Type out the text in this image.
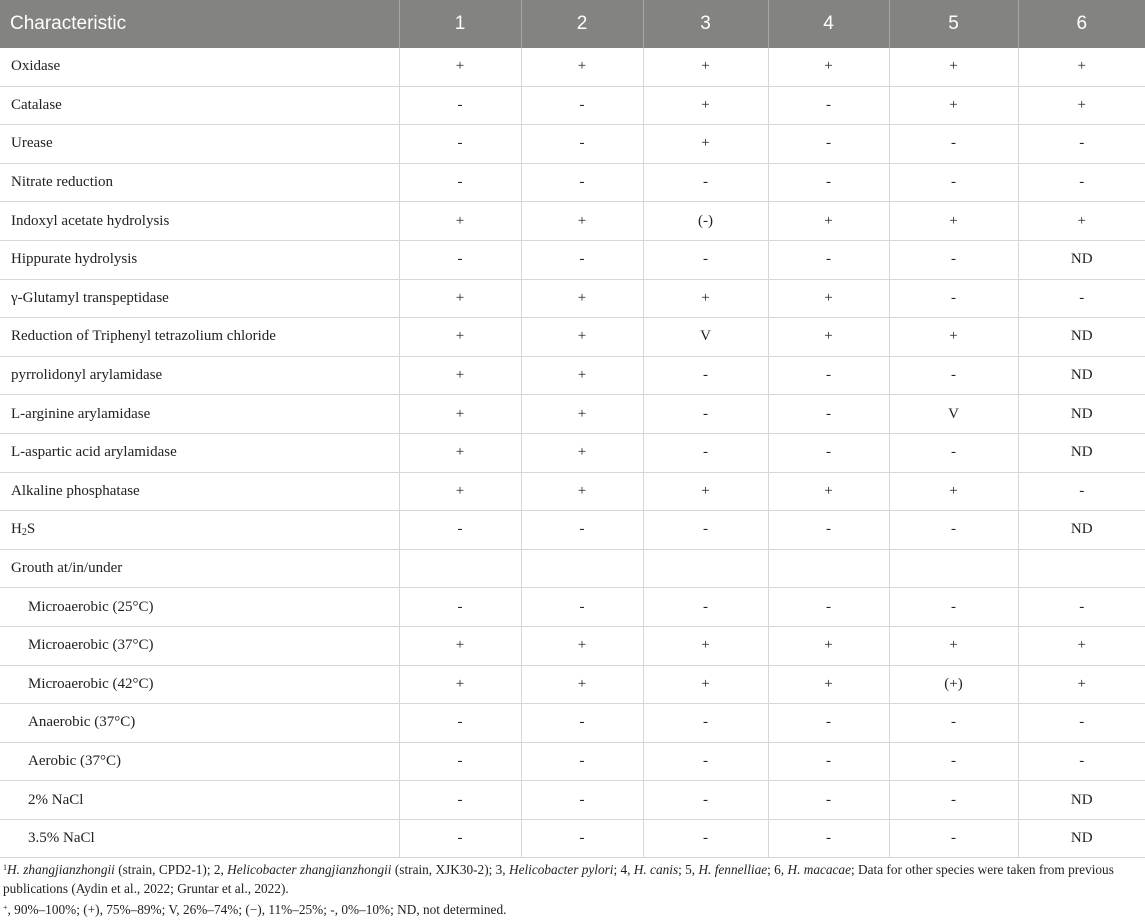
Characteristic	1	2	3	4	5	6
Oxidase	+	+	+	+	+	+
Catalase	-	-	+	-	+	+
Urease	-	-	+	-	-	-
Nitrate reduction	-	-	-	-	-	-
Indoxyl acetate hydrolysis	+	+	(-)	+	+	+
Hippurate hydrolysis	-	-	-	-	-	ND
γ-Glutamyl transpeptidase	+	+	+	+	-	-
Reduction of Triphenyl tetrazolium chloride	+	+	V	+	+	ND
pyrrolidonyl arylamidase	+	+	-	-	-	ND
L-arginine arylamidase	+	+	-	-	V	ND
L-aspartic acid arylamidase	+	+	-	-	-	ND
Alkaline phosphatase	+	+	+	+	+	-
$H_2S$	-	-	-	-	-	ND
Grouth at/in/under						
Microaerobic (25°C)	-	-	-	-	-	-
Microaerobic (37°C)	+	+	+	+	+	+
Microaerobic (42°C)	+	+	+	+	(+)	+
Anaerobic (37°C)	-	-	-	-	-	-
Aerobic (37°C)	-	-	-	-	-	-
2% NaCl	-	-	-	-	-	ND
3.5% NaCl	-	-	-	-	-	ND

$^1$H. zhangjianzhongii (strain, CPD2-1); 2, Helicobacter zhangjianzhongii (strain, XJK30-2); 3, Helicobacter pylori; 4, H. canis; 5, H. fennelliae; 6, H. macacae; Data for other species were taken from previous publications (Aydin et al., 2022; Gruntar et al., 2022).

+, 90%–100%; (+), 75%–89%; V, 26%–74%; (−), 11%–25%; -, 0%–10%; ND, not determined.
